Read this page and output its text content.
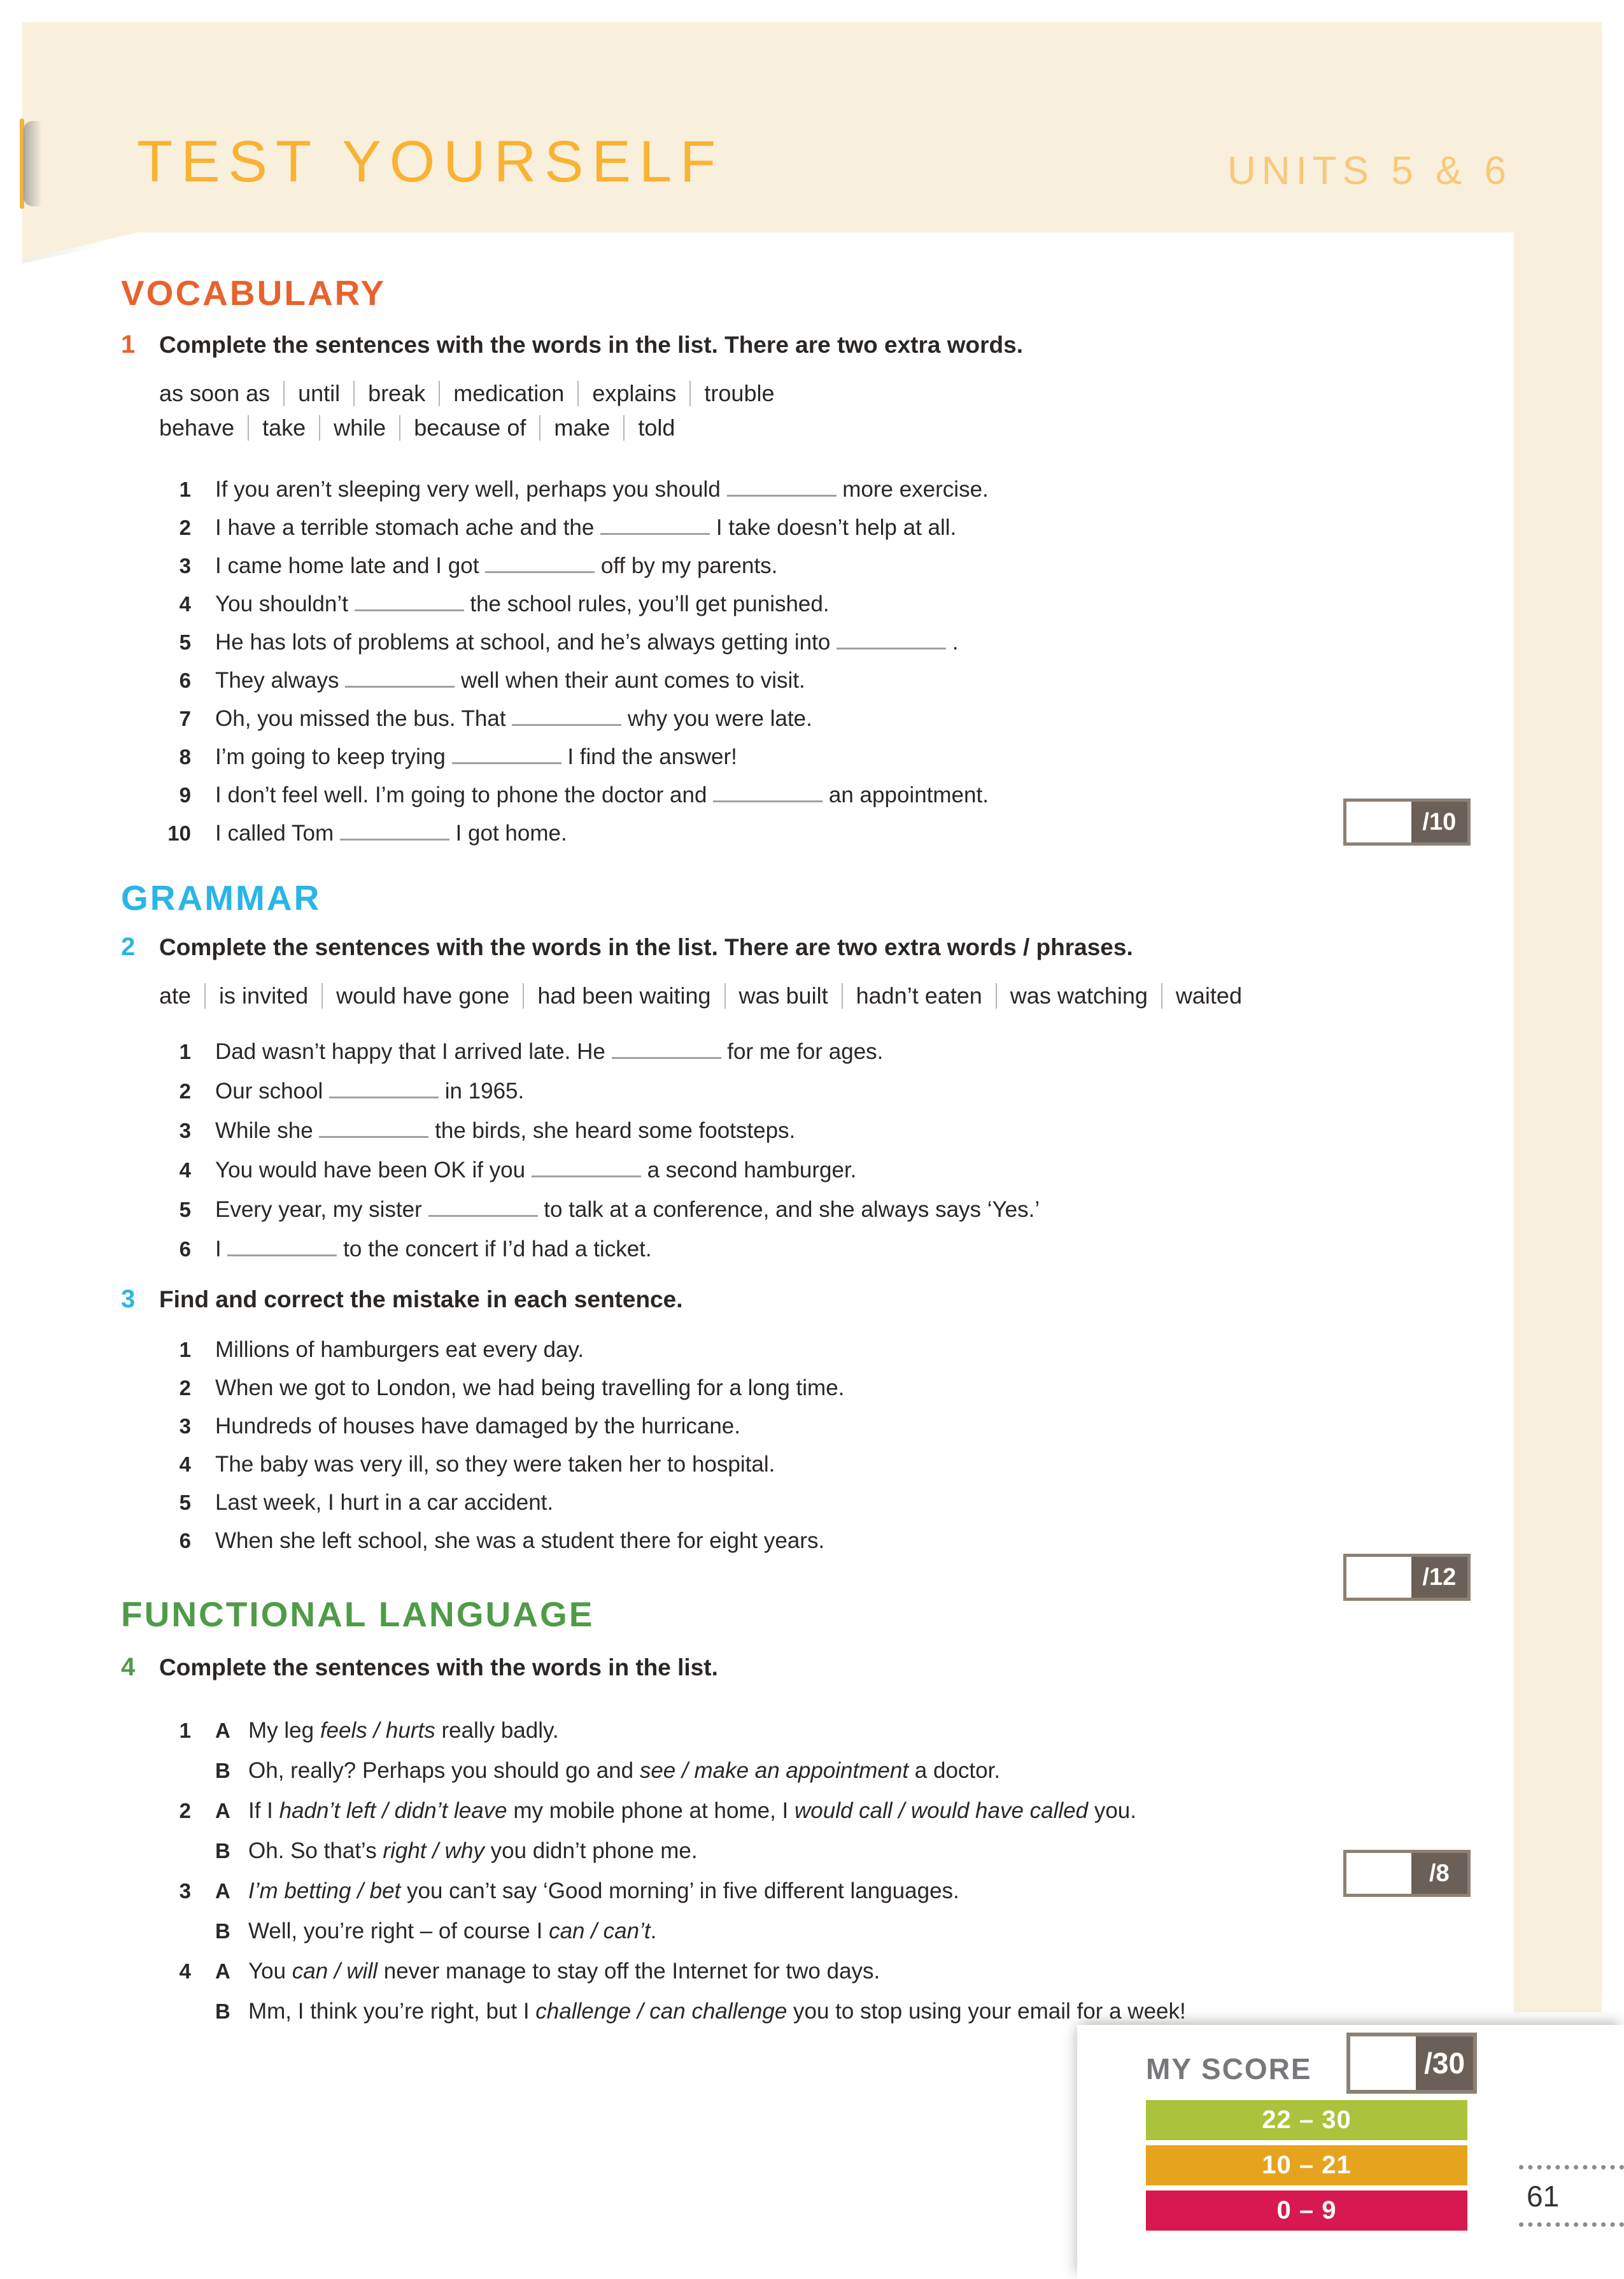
TEST YOURSELF	UNITS 5 & 6
VOCABULARY
1	Complete the sentences with the words in the list. There are two extra words.
as soon as until break medication explains trouble
behave take while because of make told
1 If you aren’t sleeping very well, perhaps you should	more exercise.
2 I have a terrible stomach ache and the	I take doesn’t help at all.
3 I came home late and I got	off by my parents.
4 You shouldn’t	the school rules, you’ll get punished.
5 He has lots of problems at school, and he’s always getting into	.
6 They always	well when their aunt comes to visit.
7 Oh, you missed the bus. That	why you were late.
8 I’m going to keep trying	I find the answer!
9 I don’t feel well. I’m going to phone the doctor and	an appointment.
10 I called Tom	I got home.
GRAMMAR
2	Complete the sentences with the words in the list. There are two extra words / phrases.
ate is invited would have gone had been waiting was built hadn’t eaten was watching waited
1 Dad wasn’t happy that I arrived late. He	for me for ages.
2 Our school	in 1965.
3 While she	the birds, she heard some footsteps.
4 You would have been OK if you	a second hamburger.
5 Every year, my sister	to talk at a conference, and she always says ‘Yes.’
6 I	to the concert if I’d had a ticket.
3	Find and correct the mistake in each sentence.
1 Millions of hamburgers eat every day.
2 When we got to London, we had being travelling for a long time.
3 Hundreds of houses have damaged by the hurricane.
4 The baby was very ill, so they were taken her to hospital.
5 Last week, I hurt in a car accident.
6 When she left school, she was a student there for eight years.
FUNCTIONAL LANGUAGE
4	Complete the sentences with the words in the list.
1 A My leg feels / hurts really badly.
B Oh, really? Perhaps you should go and see / make an appointment a doctor.
2 A If I hadn’t left / didn’t leave my mobile phone at home, I would call / would have called you.
B Oh. So that’s right / why you didn’t phone me.
3 A I’m betting / bet you can’t say ‘Good morning’ in five different languages.
B Well, you’re right – of course I can / can’t.
4 A You can / will never manage to stay off the Internet for two days.
B Mm, I think you’re right, but I challenge / can challenge you to stop using your email for a week!
/10
/12
/8
MY SCORE	/30
22 – 30
10 – 21
0 – 9	61
